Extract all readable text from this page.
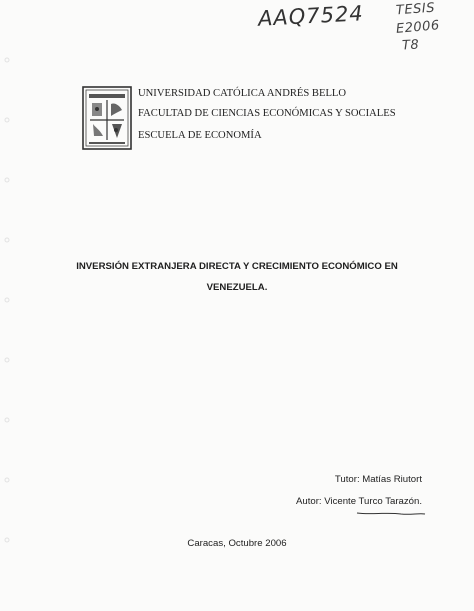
AAQ7524 TESIS
E2006
T8
UNIVERSIDAD CATÓLICA ANDRÉS BELLO
FACULTAD DE CIENCIAS ECONÓMICAS Y SOCIALES
ESCUELA DE ECONOMÍA
INVERSIÓN EXTRANJERA DIRECTA Y CRECIMIENTO ECONÓMICO EN
VENEZUELA.
Tutor: Matías Riutort
Autor: Vicente Turco Tarazón.
Caracas, Octubre 2006
